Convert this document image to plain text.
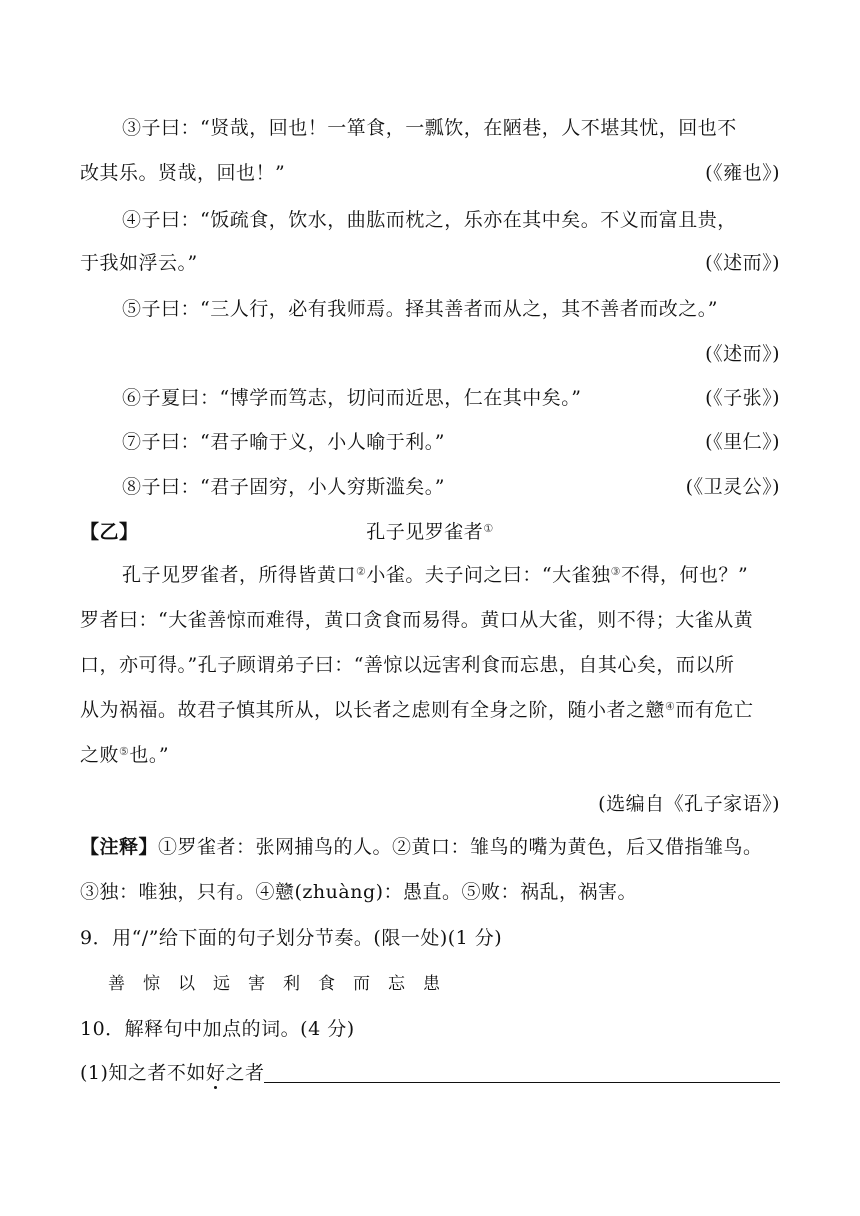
③子曰：“贤哉，回也！一箪食，一瓢饮，在陋巷，人不堪其忧，回也不
改其乐。贤哉，回也！”	(《雍也》)
④子曰：“饭疏食，饮水，曲肱而枕之，乐亦在其中矣。不义而富且贵，
于我如浮云。”	(《述而》)
⑤子曰：“三人行，必有我师焉。择其善者而从之，其不善者而改之。”
(《述而》)
⑥子夏曰：“博学而笃志，切问而近思，仁在其中矣。”	(《子张》)
⑦子曰：“君子喻于义，小人喻于利。”	(《里仁》)
⑧子曰：“君子固穷，小人穷斯滥矣。”	(《卫灵公》)
【乙】	孔子见罗雀者①
孔子见罗雀者，所得皆黄口②小雀。夫子问之曰：“大雀独③不得，何也？”
罗者曰：“大雀善惊而难得，黄口贪食而易得。黄口从大雀，则不得；大雀从黄
口，亦可得。”孔子顾谓弟子曰：“善惊以远害利食而忘患，自其心矣，而以所
从为祸福。故君子慎其所从，以长者之虑则有全身之阶，随小者之戆④而有危亡
之败⑤也。”
(选编自《孔子家语》)
【注释】①罗雀者：张网捕鸟的人。②黄口：雏鸟的嘴为黄色，后又借指雏鸟。
③独：唯独，只有。④戆(zhuàng)：愚直。⑤败：祸乱，祸害。
9．用“/”给下面的句子划分节奏。(限一处)(1 分)
善惊以远害利食而忘患
10．解释句中加点的词。(4 分)
(1)知之者不如好之者
